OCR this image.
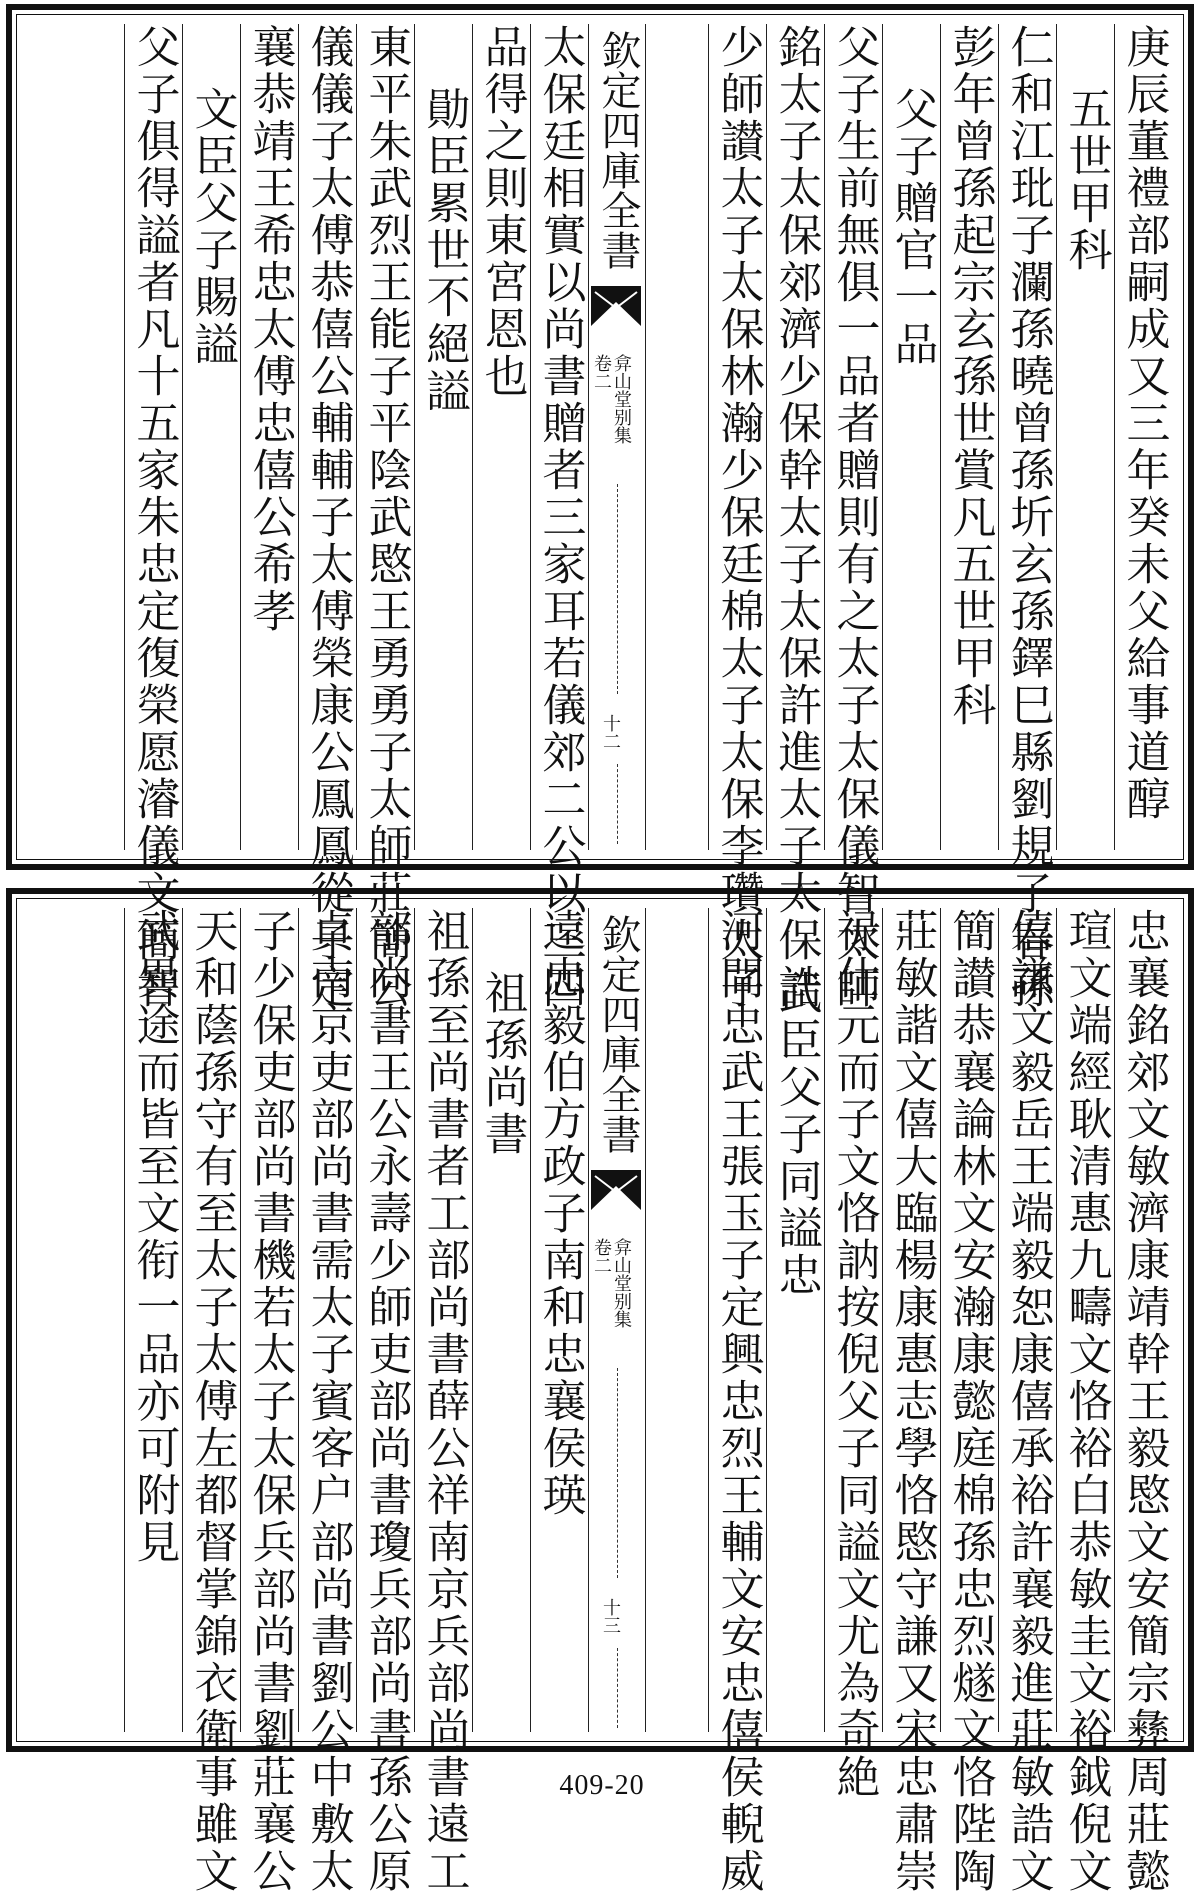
庚辰董禮部嗣成又三年癸未父給事道醇
五世甲科
仁和江玭子瀾孫曉曾孫圻玄孫鐸巳縣劉規子春孫
彭年曾孫起宗玄孫世賞凡五世甲科
父子贈官一品
父子生前無俱一品者贈則有之太子太保儀智太師
銘太子太保郊濟少保幹太子太保許進太子太保誥
少師讃太子太保林瀚少保廷棉太子太保李瓚太子
欽定四庫全書
弇山堂别集
卷二
十二
太保廷相實以尚書贈者三家耳若儀郊二公以三四
品得之則東宮恩也
勛臣累世不絕謚
東平朱武烈王能子平陰武愍王勇勇子太師莊簡公
儀儀子太傅恭僖公輔輔子太傅榮康公鳳鳳從子定
襄恭靖王希忠太傅忠僖公希孝
文臣父子賜謚
父子俱得謚者凡十五家朱忠定復榮愿濬儀文簡智
忠襄銘郊文敏濟康靖幹王毅愍文安簡宗彝周莊懿
瑄文端經耿清惠九疇文恪裕白恭敏圭文裕鉞倪文
僖謙文毅岳王端毅恕康僖承裕許襄毅進莊敏誥文
簡讃恭襄論林文安瀚康懿庭棉孫忠烈燧文恪陛陶
莊敏諧文僖大臨楊康惠志學恪愍守謙又宋忠肅崇
禄仕元而子文恪訥按倪父子同謚文尤為奇絶
武臣父子同謚忠
河間忠武王張玉子定興忠烈王輔文安忠僖侯輗威
欽定四庫全書
弇山堂别集
卷二
十三
遠忠毅伯方政子南和忠襄侯瑛
祖孫尚書
祖孫至尚書者工部尚書薛公祥南京兵部尚書遠工
部尚書王公永壽少師吏部尚書瓊兵部尚書孫公原
貞南京吏部尚書需太子賓客户部尚書劉公中敷太
子少保吏部尚書機若太子太保兵部尚書劉莊襄公
天和蔭孫守有至太子太傅左都督掌錦衣衛事雖文
武異途而皆至文衔一品亦可附見
409-20
